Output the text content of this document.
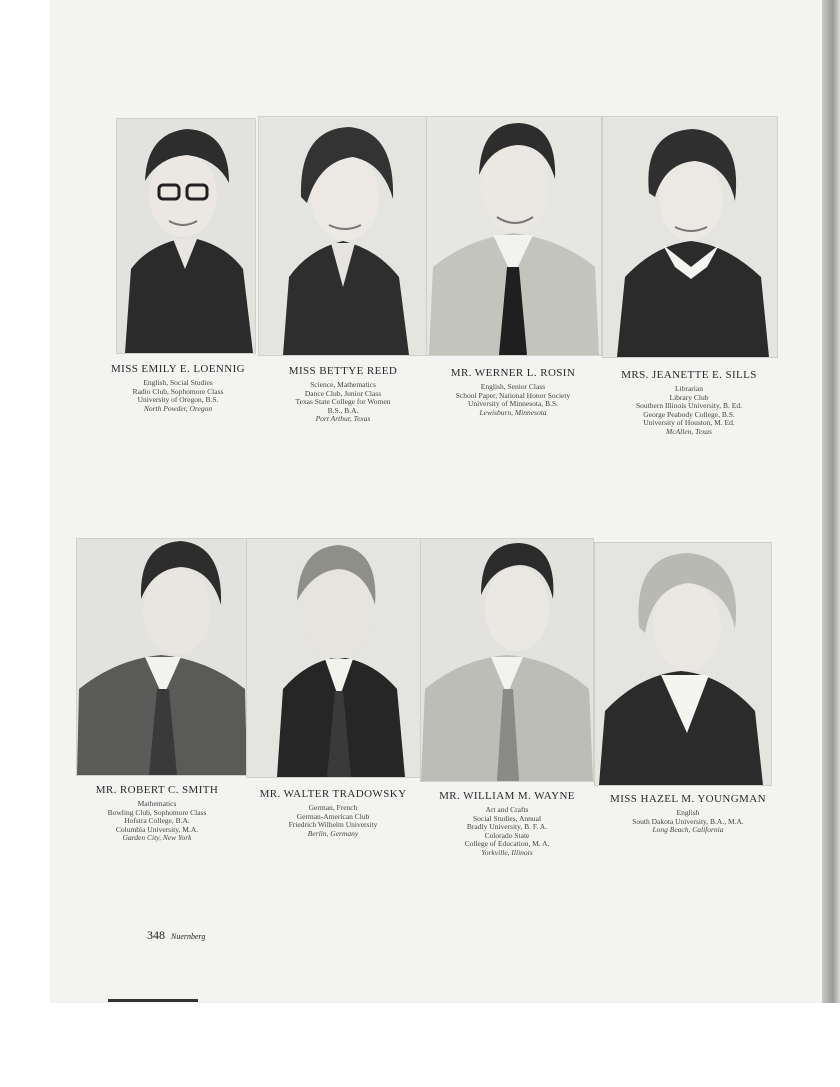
MISS EMILY E. LOENNIG
English, Social Studies
Radio Club, Sophomore Class
University of Oregon, B.S.
North Powder, Oregon
MISS BETTYE REED
Science, Mathematics
Dance Club, Junior Class
Texas State College for Women
B.S., B.A.
Port Arthur, Texas
MR. WERNER L. ROSIN
English, Senior Class
School Paper, National Honor Society
University of Minnesota, B.S.
Lewisburn, Minnesota
MRS. JEANETTE E. SILLS
Librarian
Library Club
Southern Illinois University, B. Ed.
George Peabody College, B.S.
University of Houston, M. Ed.
McAllen, Texas
MR. ROBERT C. SMITH
Mathematics
Bowling Club, Sophomore Class
Hofstra College, B.A.
Columbia University, M.A.
Garden City, New York
MR. WALTER TRADOWSKY
German, French
German-American Club
Friedrich Wilhelm University
Berlin, Germany
MR. WILLIAM M. WAYNE
Art and Crafts
Social Studies, Annual
Bradly University, B. F. A.
Colorado State
College of Education, M. A.
Yorkville, Illinois
MISS HAZEL M. YOUNGMAN
English
South Dakota University, B.A., M.A.
Long Beach, California
348 Nuernberg
